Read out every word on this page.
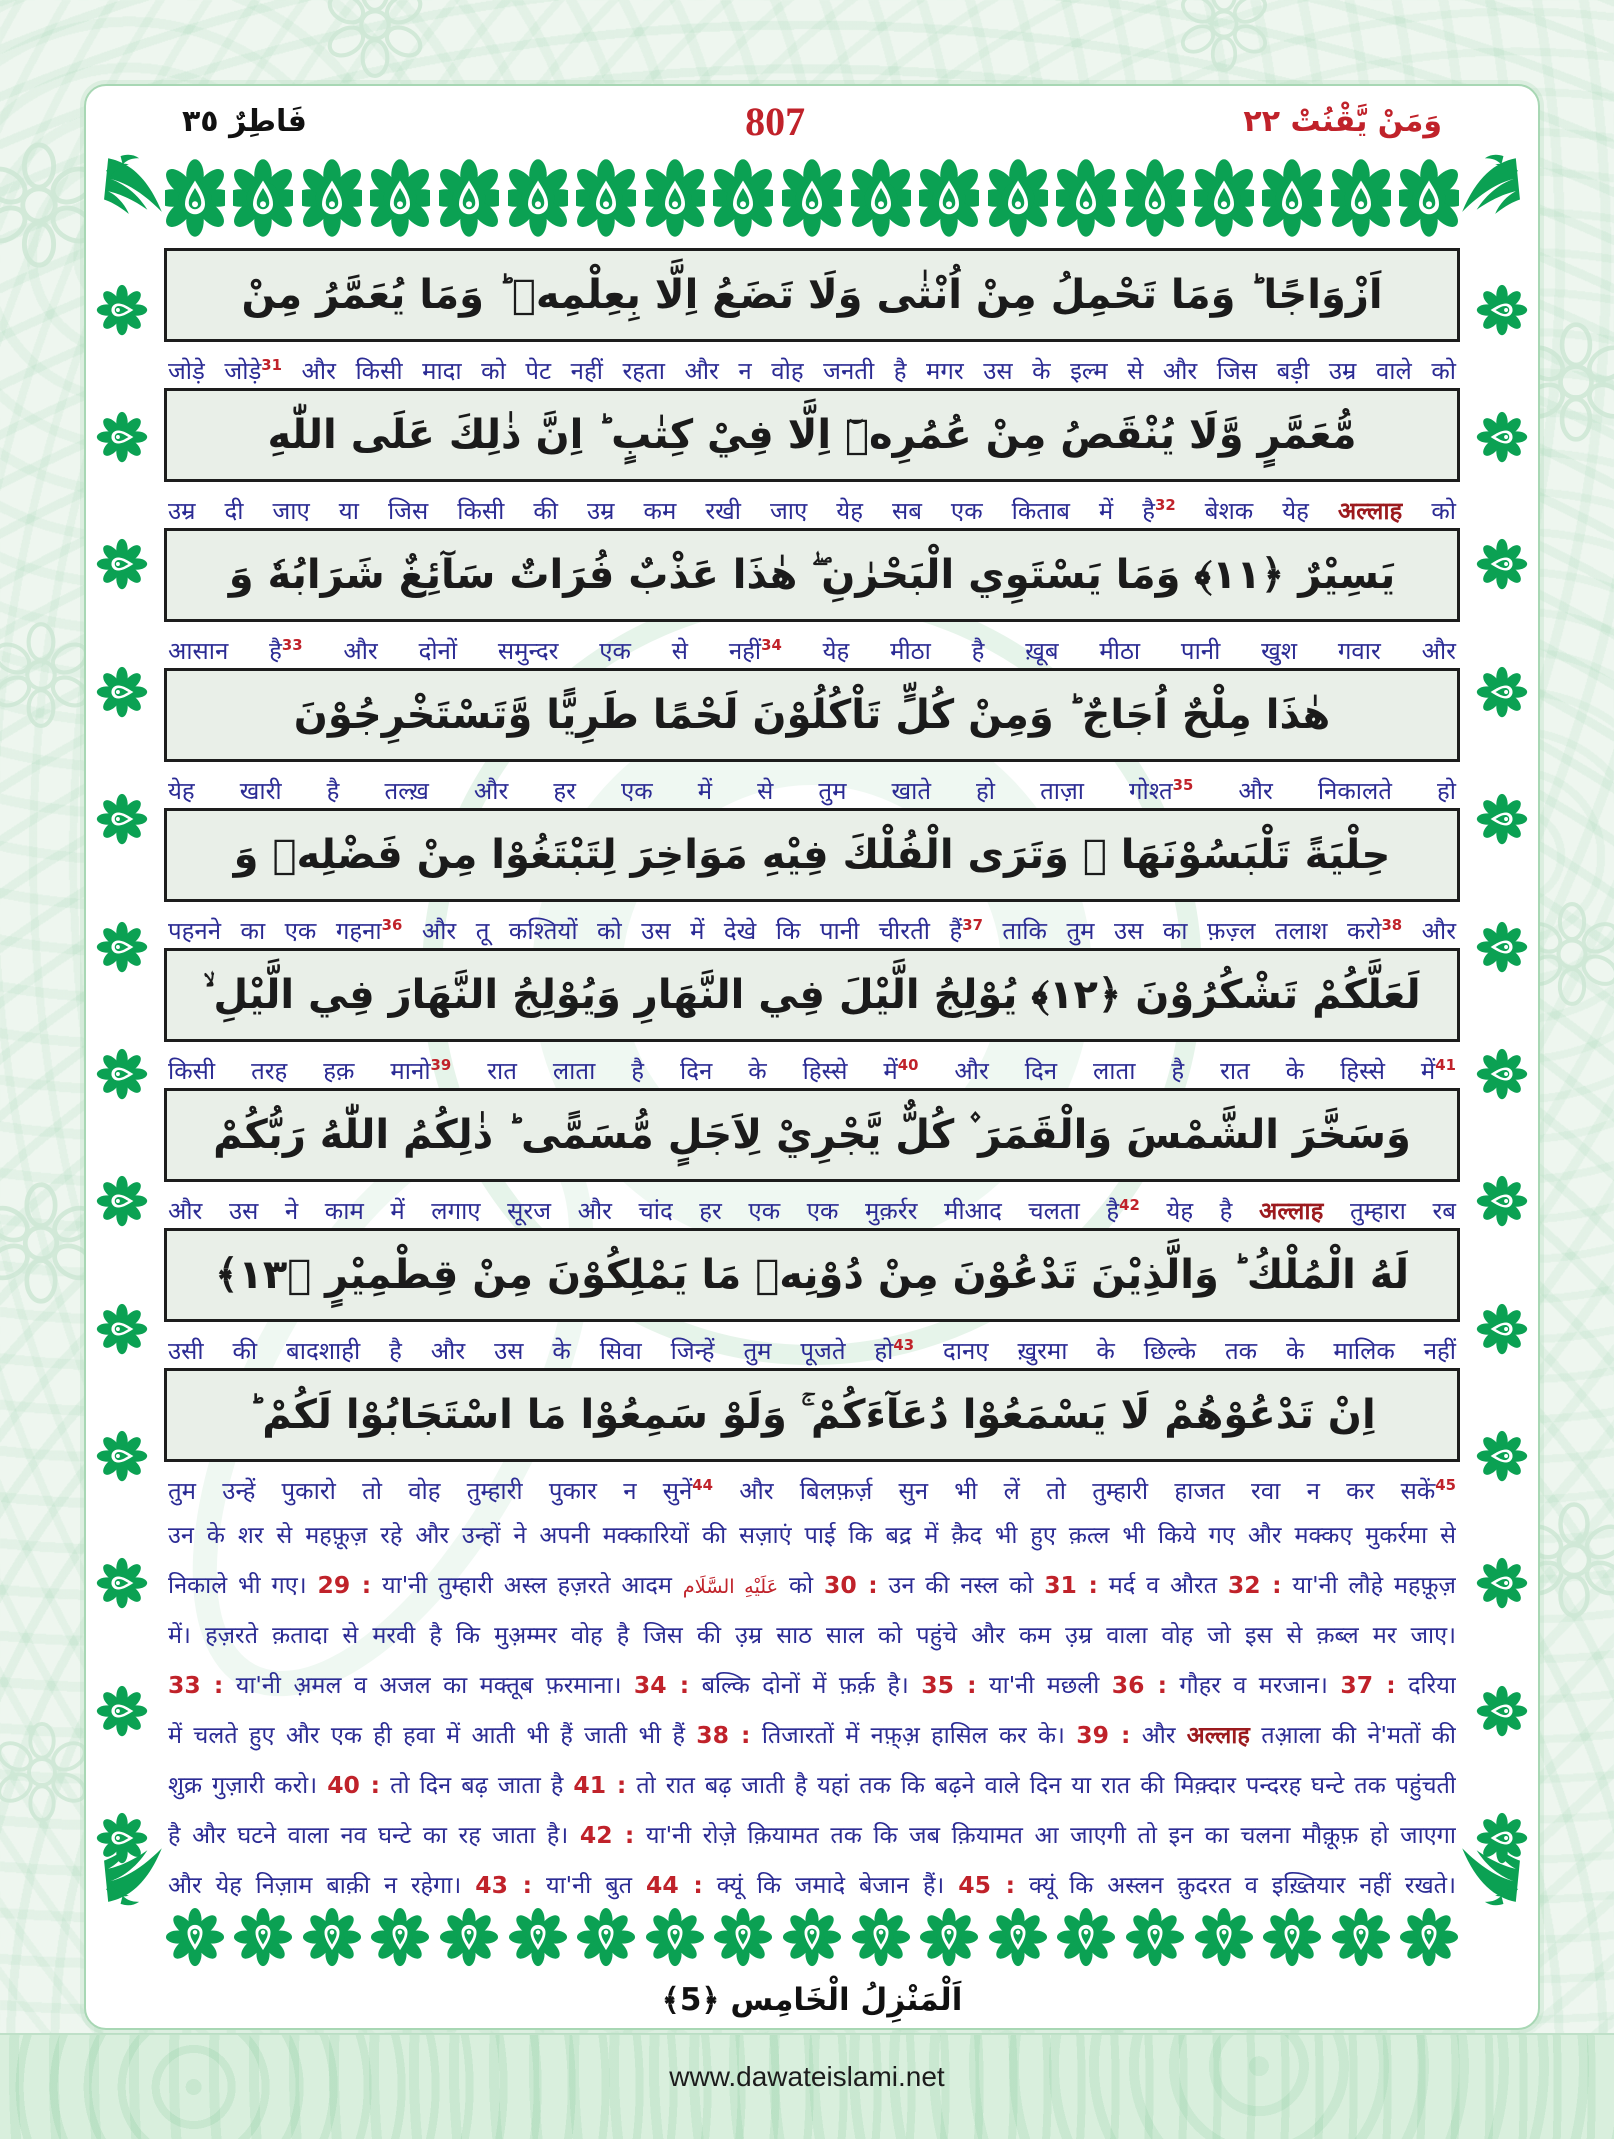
فَاطِرٌ ٣٥	807	وَمَنْ يَّقْنُتْ ٢٢
اَزْوَاجًا ؕ وَمَا تَحْمِلُ مِنْ اُنْثٰى وَلَا تَضَعُ اِلَّا بِعِلْمِهٖ ؕ وَمَا يُعَمَّرُ مِنْ
जोड़े जोड़े$^{31}$ और किसी मादा को पेट नहीं रहता और न वोह जनती है मगर उस के इल्म से और जिस बड़ी उम्र वाले को
مُّعَمَّرٍ وَّلَا يُنْقَصُ مِنْ عُمُرِهٖٓ اِلَّا فِيْ كِتٰبٍ ؕ اِنَّ ذٰلِكَ عَلَى اللّٰهِ
उम्र दी जाए या जिस किसी की उम्र कम रखी जाए येह सब एक किताब में है$^{32}$ बेशक येह अल्लाह को
يَسِيْرٌ ﴿١١﴾ وَمَا يَسْتَوِي الْبَحْرٰنِ ۖ هٰذَا عَذْبٌ فُرَاتٌ سَآئِغٌ شَرَابُهٗ وَ
आसान है$^{33}$ और दोनों समुन्दर एक से नहीं$^{34}$ येह मीठा है ख़ूब मीठा पानी खुश गवार और
هٰذَا مِلْحٌ اُجَاجٌ ؕ وَمِنْ كُلٍّ تَاْكُلُوْنَ لَحْمًا طَرِيًّا وَّتَسْتَخْرِجُوْنَ
येह खारी है तल्ख़ और हर एक में से तुम खाते हो ताज़ा गोश्त$^{35}$ और निकालते हो
حِلْيَةً تَلْبَسُوْنَهَا ۚ وَتَرَى الْفُلْكَ فِيْهِ مَوَاخِرَ لِتَبْتَغُوْا مِنْ فَضْلِهٖ وَ
पहनने का एक गहना$^{36}$ और तू कश्तियों को उस में देखे कि पानी चीरती हैं$^{37}$ ताकि तुम उस का फ़ज़्ल तलाश करो$^{38}$ और
لَعَلَّكُمْ تَشْكُرُوْنَ ﴿١٢﴾ يُوْلِجُ الَّيْلَ فِي النَّهَارِ وَيُوْلِجُ النَّهَارَ فِي الَّيْلِ ۙ
किसी तरह हक़ मानो$^{39}$ रात लाता है दिन के हिस्से में$^{40}$ और दिन लाता है रात के हिस्से में$^{41}$
وَسَخَّرَ الشَّمْسَ وَالْقَمَرَ ۫ كُلٌّ يَّجْرِيْ لِاَجَلٍ مُّسَمًّى ؕ ذٰلِكُمُ اللّٰهُ رَبُّكُمْ
और उस ने काम में लगाए सूरज और चांद हर एक एक मुक़र्रर मीआद चलता है$^{42}$ येह है अल्लाह तुम्हारा रब
لَهُ الْمُلْكُ ؕ وَالَّذِيْنَ تَدْعُوْنَ مِنْ دُوْنِهٖ مَا يَمْلِكُوْنَ مِنْ قِطْمِيْرٍ ﴿١٣﴾
उसी की बादशाही है और उस के सिवा जिन्हें तुम पूजते हो$^{43}$ दानए ख़ुरमा के छिल्के तक के मालिक नहीं
اِنْ تَدْعُوْهُمْ لَا يَسْمَعُوْا دُعَآءَكُمْ ۚ وَلَوْ سَمِعُوْا مَا اسْتَجَابُوْا لَكُمْ ؕ
तुम उन्हें पुकारो तो वोह तुम्हारी पुकार न सुनें$^{44}$ और बिलफ़र्ज़ सुन भी लें तो तुम्हारी हाजत रवा न कर सकें$^{45}$
उन के शर से महफ़ूज़ रहे और उन्हों ने अपनी मक्कारियों की सज़ाएं पाई कि बद्र में क़ैद भी हुए क़त्ल भी किये गए और मक्कए मुकर्रमा से
निकाले भी गए। 29 : या'नी तुम्हारी अस्ल हज़रते आदम عَلَيْهِ السَّلَام को 30 : उन की नस्ल को 31 : मर्द व औरत 32 : या'नी लौहे महफ़ूज़
में। हज़रते क़तादा से मरवी है कि मुअ़म्मर वोह है जिस की उ़म्र साठ साल को पहुंचे और कम उ़म्र वाला वोह जो इस से क़ब्ल मर जाए।
33 : या'नी अ़मल व अजल का मक्तूब फ़रमाना। 34 : बल्कि दोनों में फ़र्क़ है। 35 : या'नी मछली 36 : गौहर व मरजान। 37 : दरिया
में चलते हुए और एक ही हवा में आती भी हैं जाती भी हैं 38 : तिजारतों में नफ़्अ़ हासिल कर के। 39 : और अल्लाह तआ़ला की ने'मतों की
शुक्र गुज़ारी करो। 40 : तो दिन बढ़ जाता है 41 : तो रात बढ़ जाती है यहां तक कि बढ़ने वाले दिन या रात की मिक़्दार पन्दरह घन्टे तक पहुंचती
है और घटने वाला नव घन्टे का रह जाता है। 42 : या'नी रोज़े क़ियामत तक कि जब क़ियामत आ जाएगी तो इन का चलना मौक़ूफ़ हो जाएगा
और येह निज़ाम बाक़ी न रहेगा। 43 : या'नी बुत 44 : क्यूं कि जमादे बेजान हैं। 45 : क्यूं कि अस्लन क़ुदरत व इख़्तियार नहीं रखते।
اَلْمَنْزِلُ الْخَامِس ﴿5﴾
www.dawateislami.net
